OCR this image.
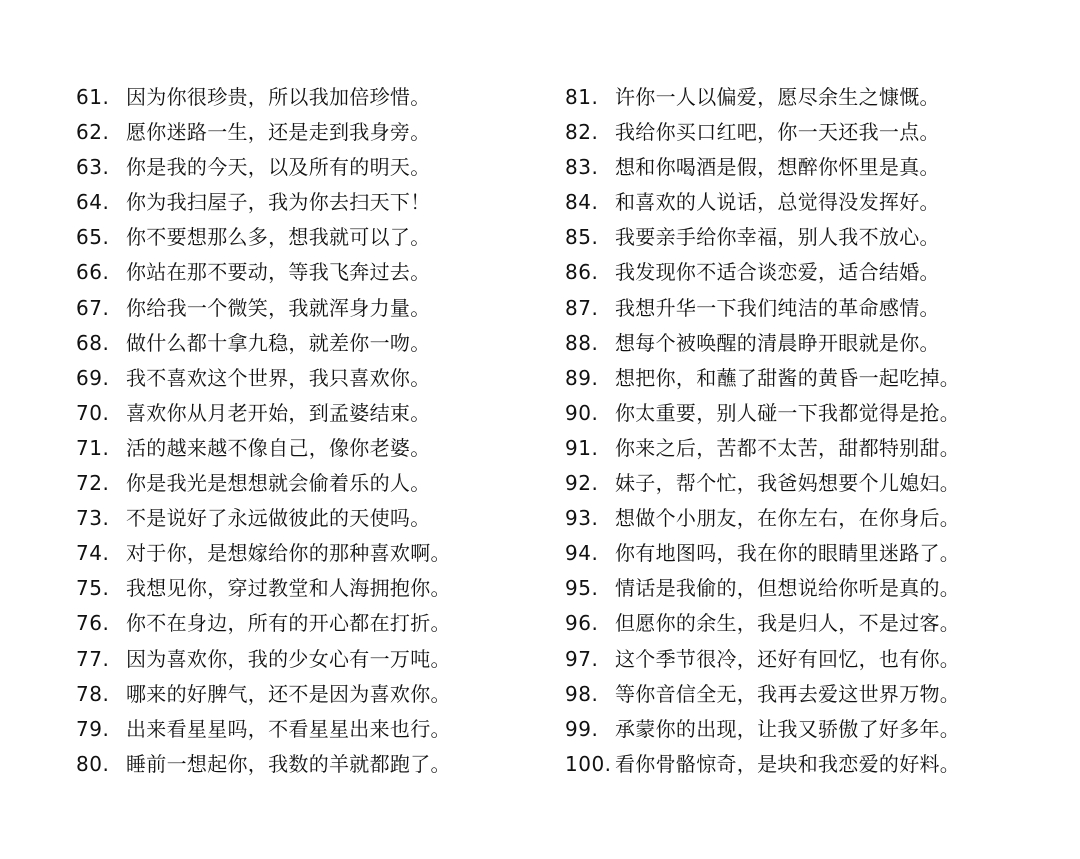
61. 因为你很珍贵，所以我加倍珍惜。
62. 愿你迷路一生，还是走到我身旁。
63. 你是我的今天，以及所有的明天。
64. 你为我扫屋子，我为你去扫天下！
65. 你不要想那么多，想我就可以了。
66. 你站在那不要动，等我飞奔过去。
67. 你给我一个微笑，我就浑身力量。
68. 做什么都十拿九稳，就差你一吻。
69. 我不喜欢这个世界，我只喜欢你。
70. 喜欢你从月老开始，到孟婆结束。
71. 活的越来越不像自己，像你老婆。
72. 你是我光是想想就会偷着乐的人。
73. 不是说好了永远做彼此的天使吗。
74. 对于你，是想嫁给你的那种喜欢啊。
75. 我想见你，穿过教堂和人海拥抱你。
76. 你不在身边，所有的开心都在打折。
77. 因为喜欢你，我的少女心有一万吨。
78. 哪来的好脾气，还不是因为喜欢你。
79. 出来看星星吗，不看星星出来也行。
80. 睡前一想起你，我数的羊就都跑了。
81. 许你一人以偏爱，愿尽余生之慷慨。
82. 我给你买口红吧，你一天还我一点。
83. 想和你喝酒是假，想醉你怀里是真。
84. 和喜欢的人说话，总觉得没发挥好。
85. 我要亲手给你幸福，别人我不放心。
86. 我发现你不适合谈恋爱，适合结婚。
87. 我想升华一下我们纯洁的革命感情。
88. 想每个被唤醒的清晨睁开眼就是你。
89. 想把你，和蘸了甜酱的黄昏一起吃掉。
90. 你太重要，别人碰一下我都觉得是抢。
91. 你来之后，苦都不太苦，甜都特别甜。
92. 妹子，帮个忙，我爸妈想要个儿媳妇。
93. 想做个小朋友，在你左右，在你身后。
94. 你有地图吗，我在你的眼睛里迷路了。
95. 情话是我偷的，但想说给你听是真的。
96. 但愿你的余生，我是归人，不是过客。
97. 这个季节很冷，还好有回忆，也有你。
98. 等你音信全无，我再去爱这世界万物。
99. 承蒙你的出现，让我又骄傲了好多年。
100. 看你骨骼惊奇，是块和我恋爱的好料。
